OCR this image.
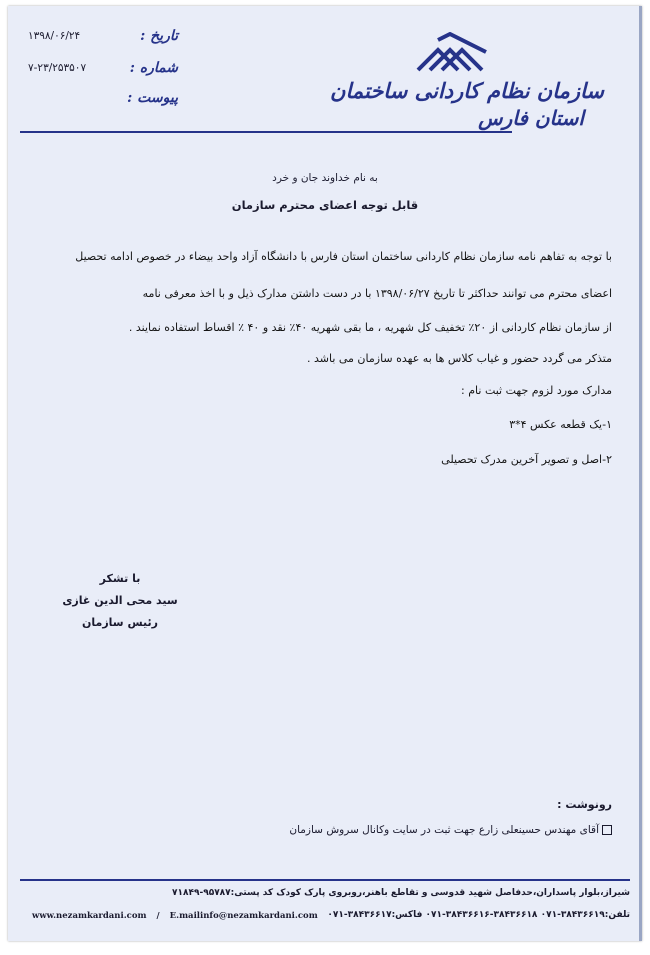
سازمان نظام کاردانی ساختمان
استان فارس
تاریخ :
۱۳۹۸/۰۶/۲۴
شماره :
۷-۲۳/۲۵۳۵۰۷
پیوست :
به نام خداوند جان و خرد
قابل توجه اعضای محترم سازمان
با توجه به تفاهم نامه سازمان نظام کاردانی ساختمان استان فارس با دانشگاه آزاد واحد بیضاء در خصوص ادامه تحصیل
اعضای محترم می توانند حداکثر تا تاریخ ۱۳۹۸/۰۶/۲۷ با در دست داشتن مدارک ذیل و با اخذ معرفی نامه
از سازمان نظام کاردانی از ۲۰٪ تخفیف کل شهریه ، ما بقی شهریه ۴۰٪ نقد و ۴۰ ٪ اقساط استفاده نمایند .
متذکر می گردد حضور و غیاب کلاس ها به عهده سازمان می باشد .
مدارک مورد لزوم جهت ثبت نام :
۱-یک قطعه عکس ۴*۳
۲-اصل و تصویر آخرین مدرک تحصیلی
با تشکر
سید محی الدین غازی
رئیس سازمان
رونوشت :
آقای مهندس حسینعلی زارع جهت ثبت در سایت وکانال سروش سازمان
شیراز،بلوار پاسداران،حدفاصل شهید قدوسی و تقاطع باهنر،روبروی پارک کودک کد پستی:۹۵۷۸۷-۷۱۸۴۹
تلفن:۳۸۴۳۶۶۱۹-۰۷۱ ۳۸۴۳۶۶۱۸-۳۸۴۳۶۶۱۶-۰۷۱ فاکس:۳۸۴۳۶۶۱۷-۰۷۱
www.nezamkardani.com / E.mailinfo@nezamkardani.com
